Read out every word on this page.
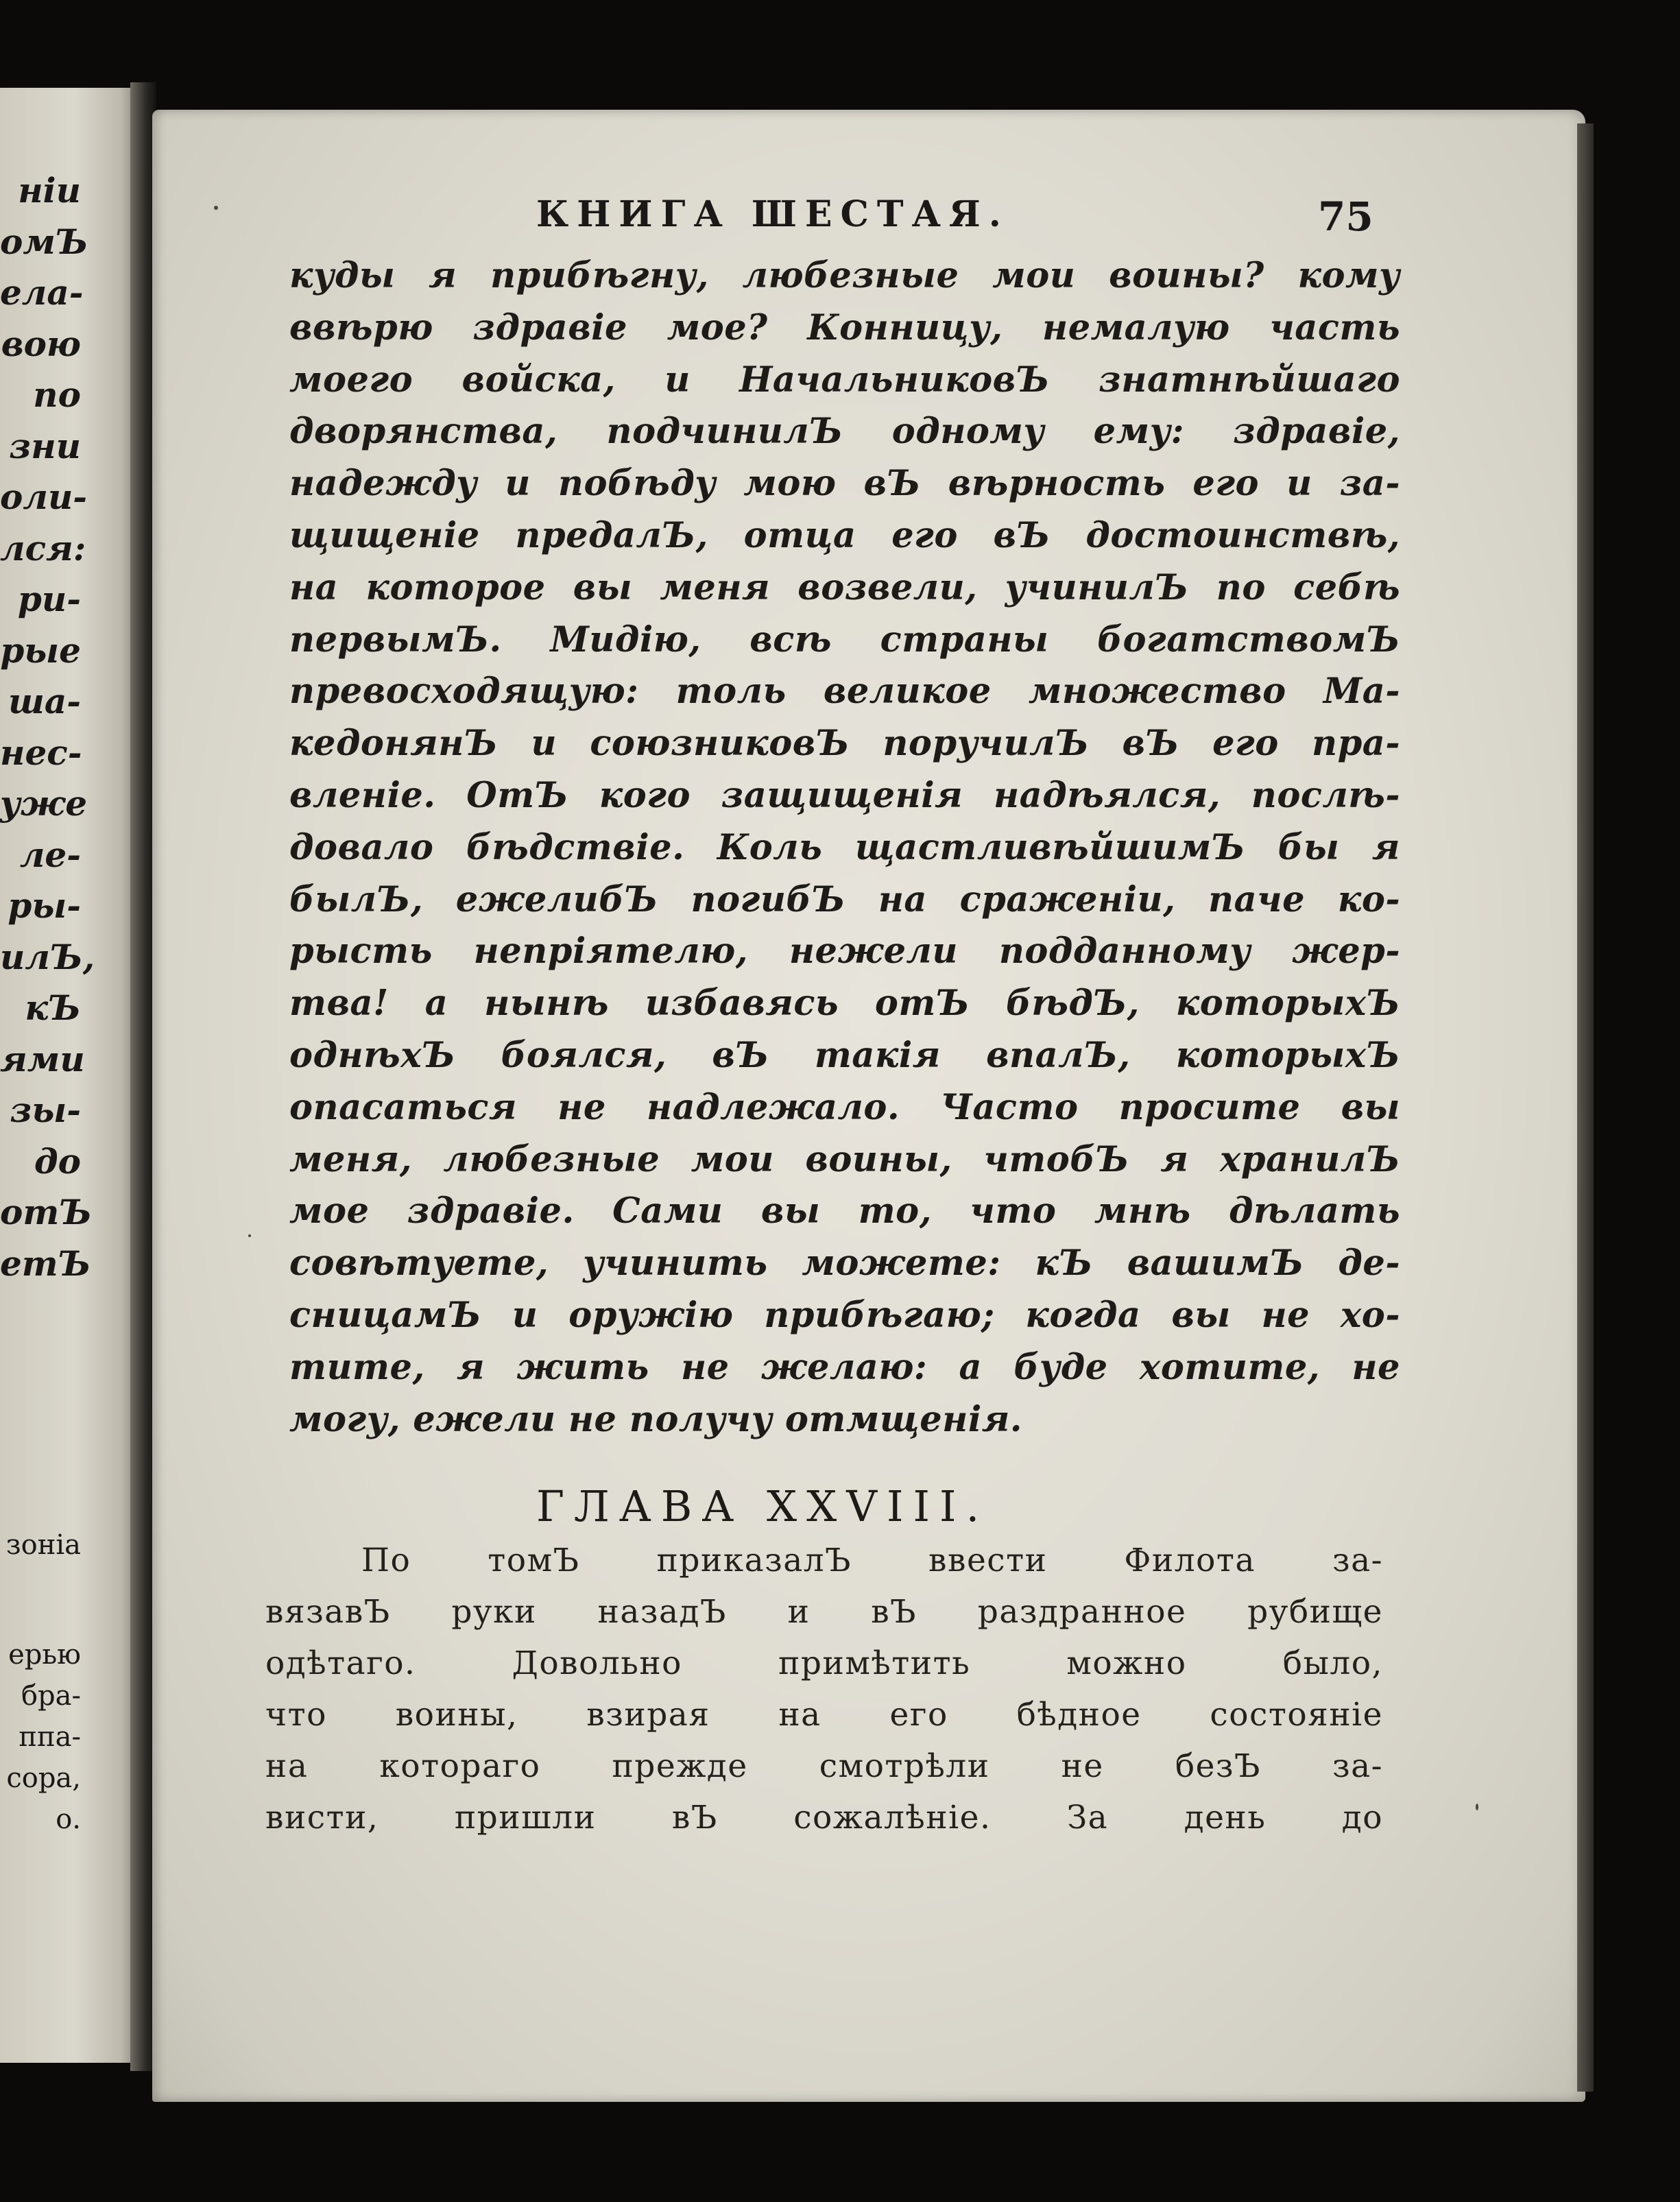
ніи
омЪ
ела-
вою
по
зни
оли-
лся:
ри-
рые
ша-
нес-
уже
ле-
ры-
илЪ,
кЪ
ями
зы-
до
отЪ
етЪ
зоніа
ерью
бра-
ппа-
сора,
о.
КНИГА ШЕСТАЯ.	75
куды я прибѣгну, любезные мои воины? кому
ввѣрю здравіе мое? Конницу, немалую часть
моего войска, и НачальниковЪ знатнѣйшаго
дворянства, подчинилЪ одному ему: здравіе,
надежду и побѣду мою вЪ вѣрность его и за-
щищеніе предалЪ, отца его вЪ достоинствѣ,
на которое вы меня возвели, учинилЪ по себѣ
первымЪ. Мидію, всѣ страны богатствомЪ
превосходящую: толь великое множество Ма-
кедонянЪ и союзниковЪ поручилЪ вЪ его пра-
вленіе. ОтЪ кого защищенія надѣялся, послѣ-
довало бѣдствіе. Коль щастливѣйшимЪ бы я
былЪ, ежелибЪ погибЪ на сраженіи, паче ко-
рысть непріятелю, нежели подданному жер-
тва! а нынѣ избавясь отЪ бѣдЪ, которыхЪ
однѣхЪ боялся, вЪ такія впалЪ, которыхЪ
опасаться не надлежало. Часто просите вы
меня, любезные мои воины, чтобЪ я хранилЪ
мое здравіе. Сами вы то, что мнѣ дѣлать
совѣтуете, учинить можете: кЪ вашимЪ де-
сницамЪ и оружію прибѣгаю; когда вы не хо-
тите, я жить не желаю: а буде хотите, не
могу, ежели не получу отмщенія.
ГЛАВА XXVIII.
По томЪ приказалЪ ввести Филота за-
вязавЪ руки назадЪ и вЪ раздранное рубище
одѣтаго. Довольно примѣтить можно было,
что воины, взирая на его бѣдное состояніе
на котораго прежде смотрѣли не безЪ за-
висти, пришли вЪ сожалѣніе. За день до
